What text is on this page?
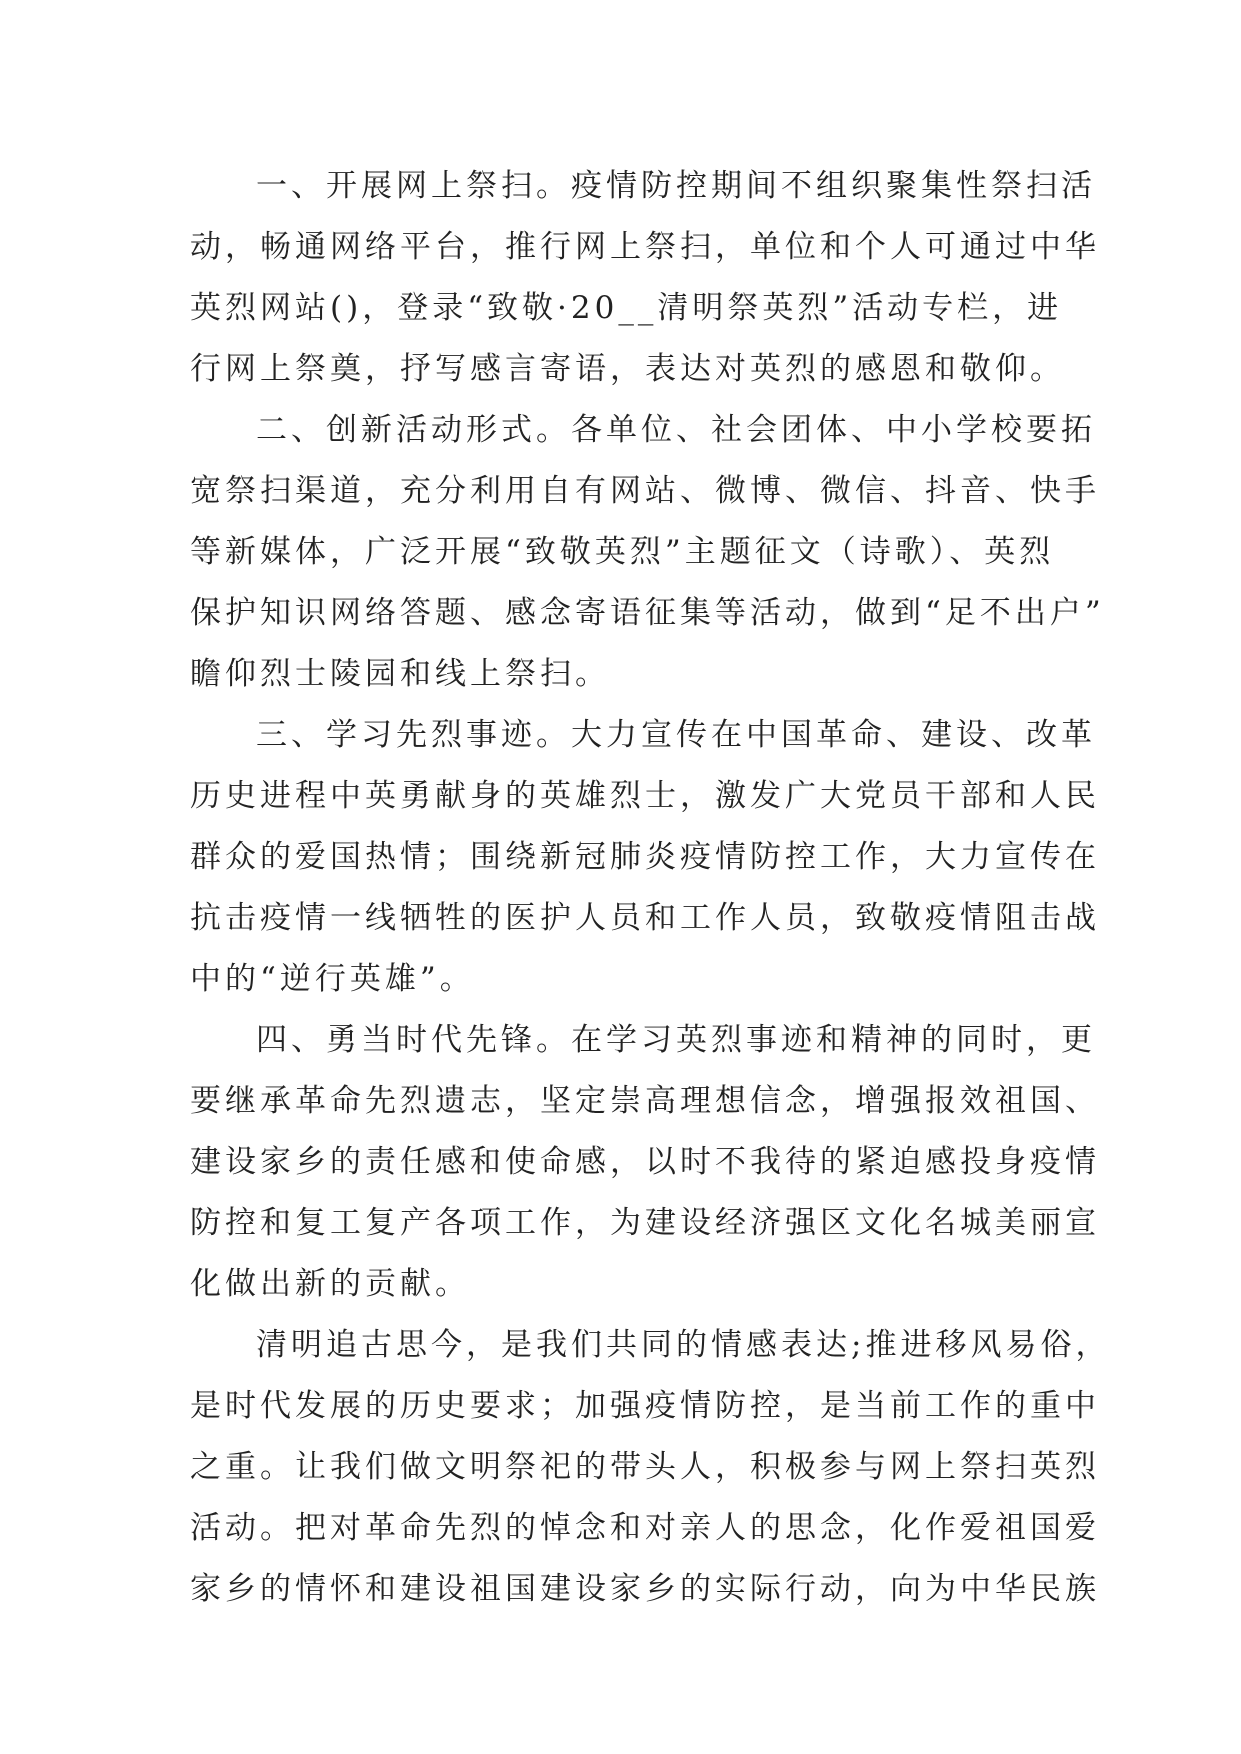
一、开展网上祭扫。疫情防控期间不组织聚集性祭扫活
动，畅通网络平台，推行网上祭扫，单位和个人可通过中华
英烈网站()，登录“致敬·20__清明祭英烈”活动专栏，进
行网上祭奠，抒写感言寄语，表达对英烈的感恩和敬仰。
二、创新活动形式。各单位、社会团体、中小学校要拓
宽祭扫渠道，充分利用自有网站、微博、微信、抖音、快手
等新媒体，广泛开展“致敬英烈”主题征文（诗歌）、英烈
保护知识网络答题、感念寄语征集等活动，做到“足不出户”
瞻仰烈士陵园和线上祭扫。
三、学习先烈事迹。大力宣传在中国革命、建设、改革
历史进程中英勇献身的英雄烈士，激发广大党员干部和人民
群众的爱国热情；围绕新冠肺炎疫情防控工作，大力宣传在
抗击疫情一线牺牲的医护人员和工作人员，致敬疫情阻击战
中的“逆行英雄”。
四、勇当时代先锋。在学习英烈事迹和精神的同时，更
要继承革命先烈遗志，坚定崇高理想信念，增强报效祖国、
建设家乡的责任感和使命感，以时不我待的紧迫感投身疫情
防控和复工复产各项工作，为建设经济强区文化名城美丽宣
化做出新的贡献。
清明追古思今，是我们共同的情感表达;推进移风易俗，
是时代发展的历史要求；加强疫情防控，是当前工作的重中
之重。让我们做文明祭祀的带头人，积极参与网上祭扫英烈
活动。把对革命先烈的悼念和对亲人的思念，化作爱祖国爱
家乡的情怀和建设祖国建设家乡的实际行动，向为中华民族
